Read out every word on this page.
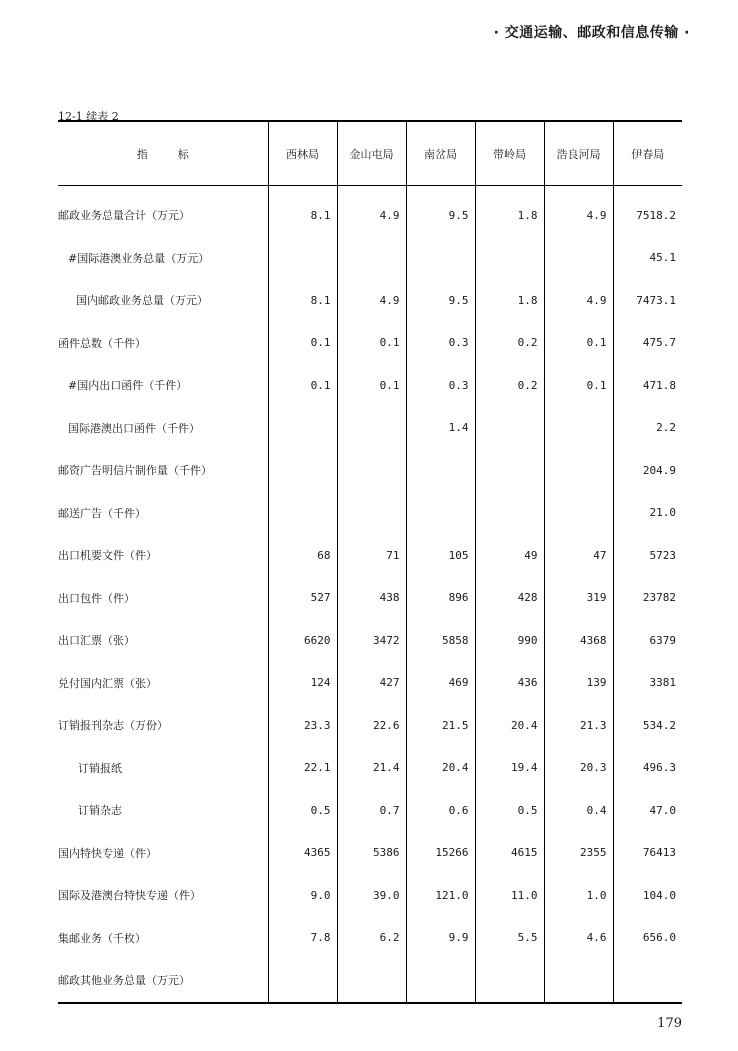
· 交通运输、邮政和信息传输 ·
12-1 续表 2
指标	西林局	金山屯局	南岔局	带岭局	浩良河局	伊春局
邮政业务总量合计（万元）	8.1	4.9	9.5	1.8	4.9	7518.2
#国际港澳业务总量（万元）						45.1
国内邮政业务总量（万元）	8.1	4.9	9.5	1.8	4.9	7473.1
函件总数（千件）	0.1	0.1	0.3	0.2	0.1	475.7
#国内出口函件（千件）	0.1	0.1	0.3	0.2	0.1	471.8
国际港澳出口函件（千件）			1.4			2.2
邮资广告明信片制作量（千件）						204.9
邮送广告（千件）						21.0
出口机要文件（件）	68	71	105	49	47	5723
出口包件（件）	527	438	896	428	319	23782
出口汇票（张）	6620	3472	5858	990	4368	6379
兑付国内汇票（张）	124	427	469	436	139	3381
订销报刊杂志（万份）	23.3	22.6	21.5	20.4	21.3	534.2
订销报纸	22.1	21.4	20.4	19.4	20.3	496.3
订销杂志	0.5	0.7	0.6	0.5	0.4	47.0
国内特快专递（件）	4365	5386	15266	4615	2355	76413
国际及港澳台特快专递（件）	9.0	39.0	121.0	11.0	1.0	104.0
集邮业务（千枚）	7.8	6.2	9.9	5.5	4.6	656.0
邮政其他业务总量（万元）						
179
